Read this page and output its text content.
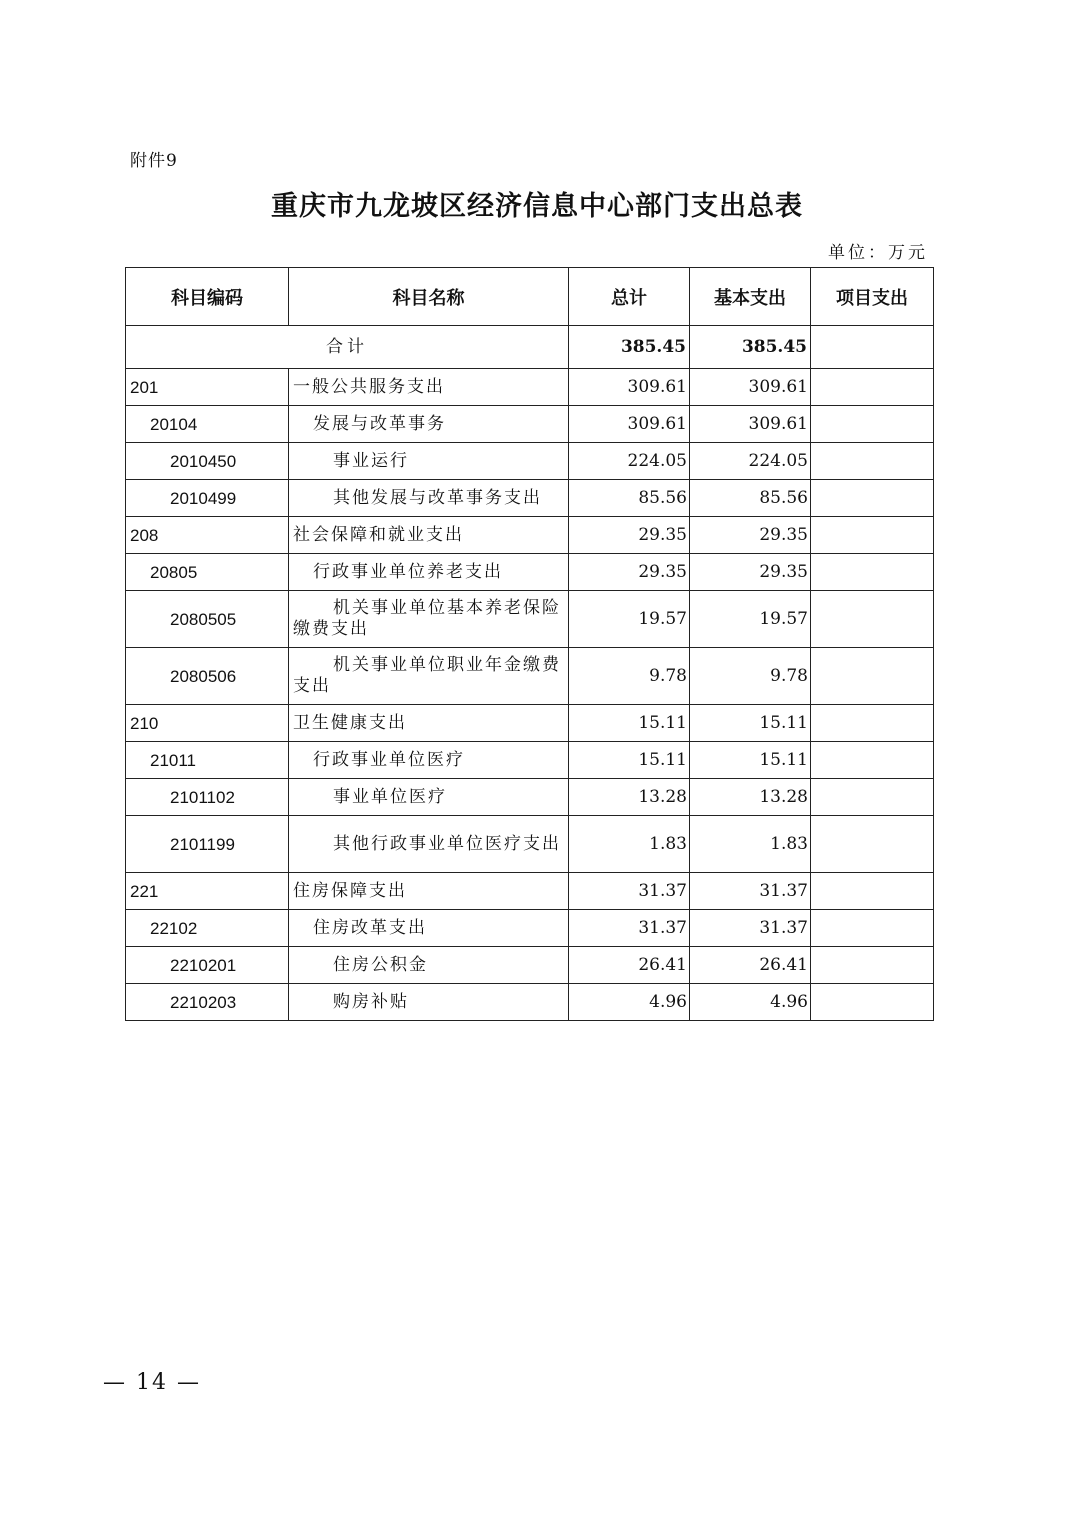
附件9
重庆市九龙坡区经济信息中心部门支出总表
单位：万元
科目编码	科目名称	总计	基本支出	项目支出
合计		385.45	385.45	
201	一般公共服务支出	309.61	309.61	
20104	发展与改革事务	309.61	309.61	
2010450	事业运行	224.05	224.05	
2010499	其他发展与改革事务支出	85.56	85.56	
208	社会保障和就业支出	29.35	29.35	
20805	行政事业单位养老支出	29.35	29.35	
2080505	机关事业单位基本养老保险缴费支出	19.57	19.57	
2080506	机关事业单位职业年金缴费支出	9.78	9.78	
210	卫生健康支出	15.11	15.11	
21011	行政事业单位医疗	15.11	15.11	
2101102	事业单位医疗	13.28	13.28	
2101199	其他行政事业单位医疗支出	1.83	1.83	
221	住房保障支出	31.37	31.37	
22102	住房改革支出	31.37	31.37	
2210201	住房公积金	26.41	26.41	
2210203	购房补贴	4.96	4.96	
— 14 —
